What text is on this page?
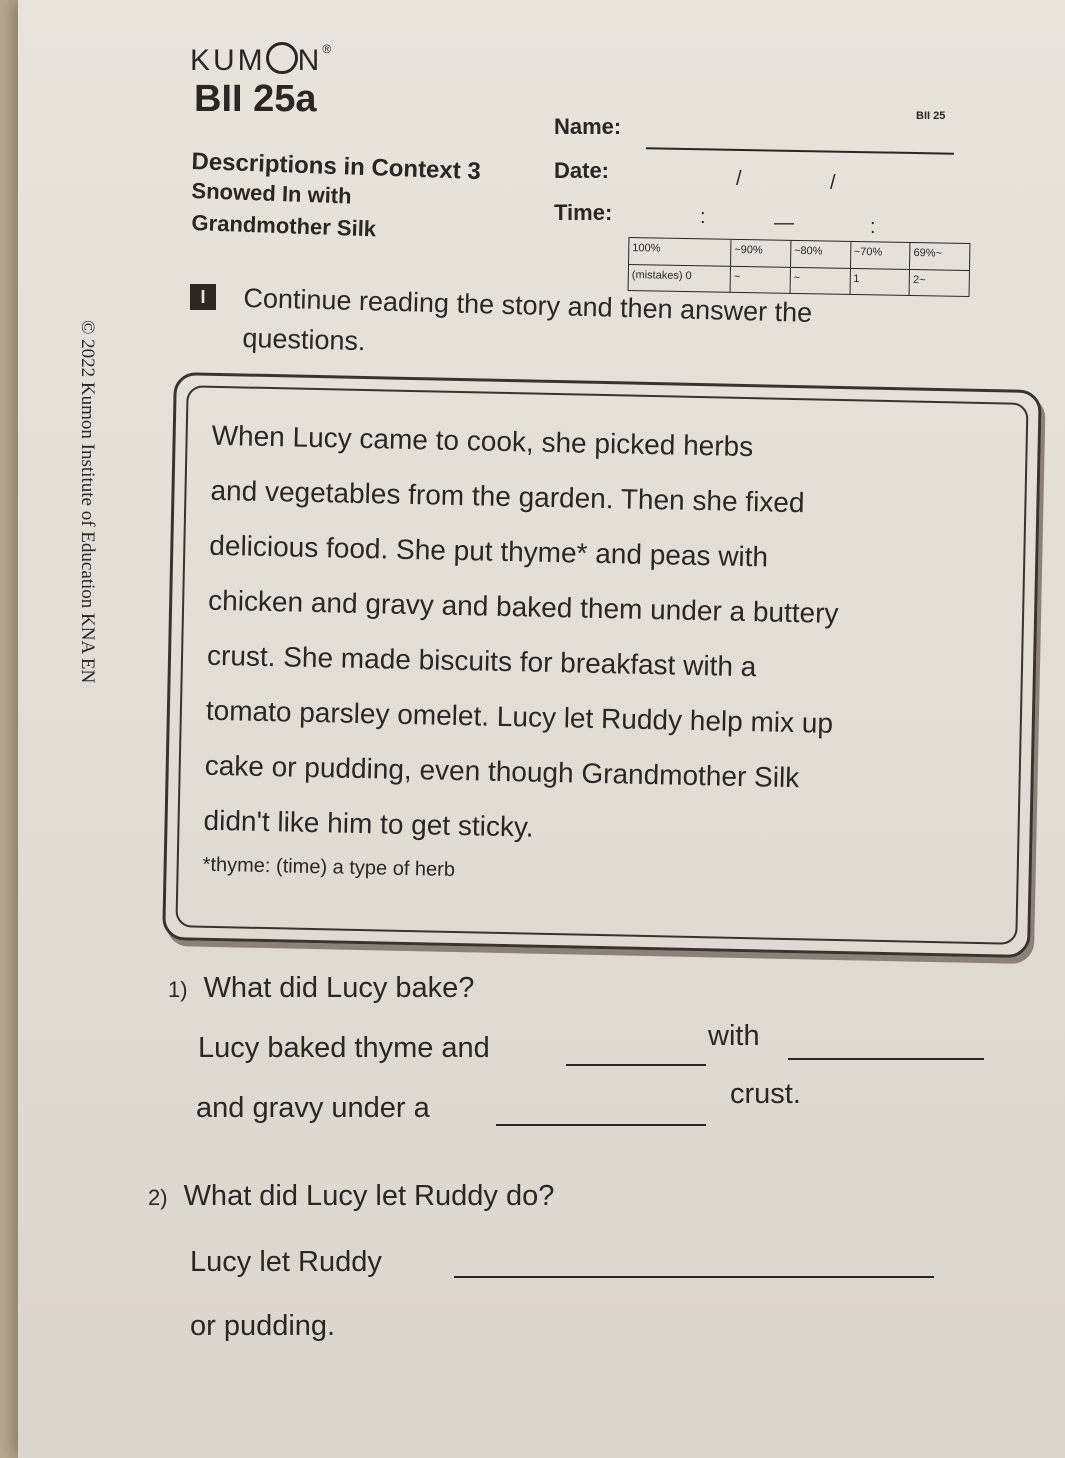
KUM N®
BII 25a	BII 25
Descriptions in Context 3
Snowed In with
Grandmother Silk
Name:
Date:	/	/
Time:	:	—	:
100%	~90%	~80%	~70%	69%~
(mistakes) 0	~	~	1	2~
I	Continue reading the story and then answer the questions.
© 2022 Kumon Institute of Education KNA EN	When Lucy came to cook, she picked herbs
and vegetables from the garden. Then she fixed
delicious food. She put thyme* and peas with
chicken and gravy and baked them under a buttery
crust. She made biscuits for breakfast with a
tomato parsley omelet. Lucy let Ruddy help mix up
cake or pudding, even though Grandmother Silk
didn't like him to get sticky.
*thyme: (time) a type of herb
1) What did Lucy bake?
Lucy baked thyme and	with
and gravy under a	crust.
2) What did Lucy let Ruddy do?
Lucy let Ruddy
or pudding.
